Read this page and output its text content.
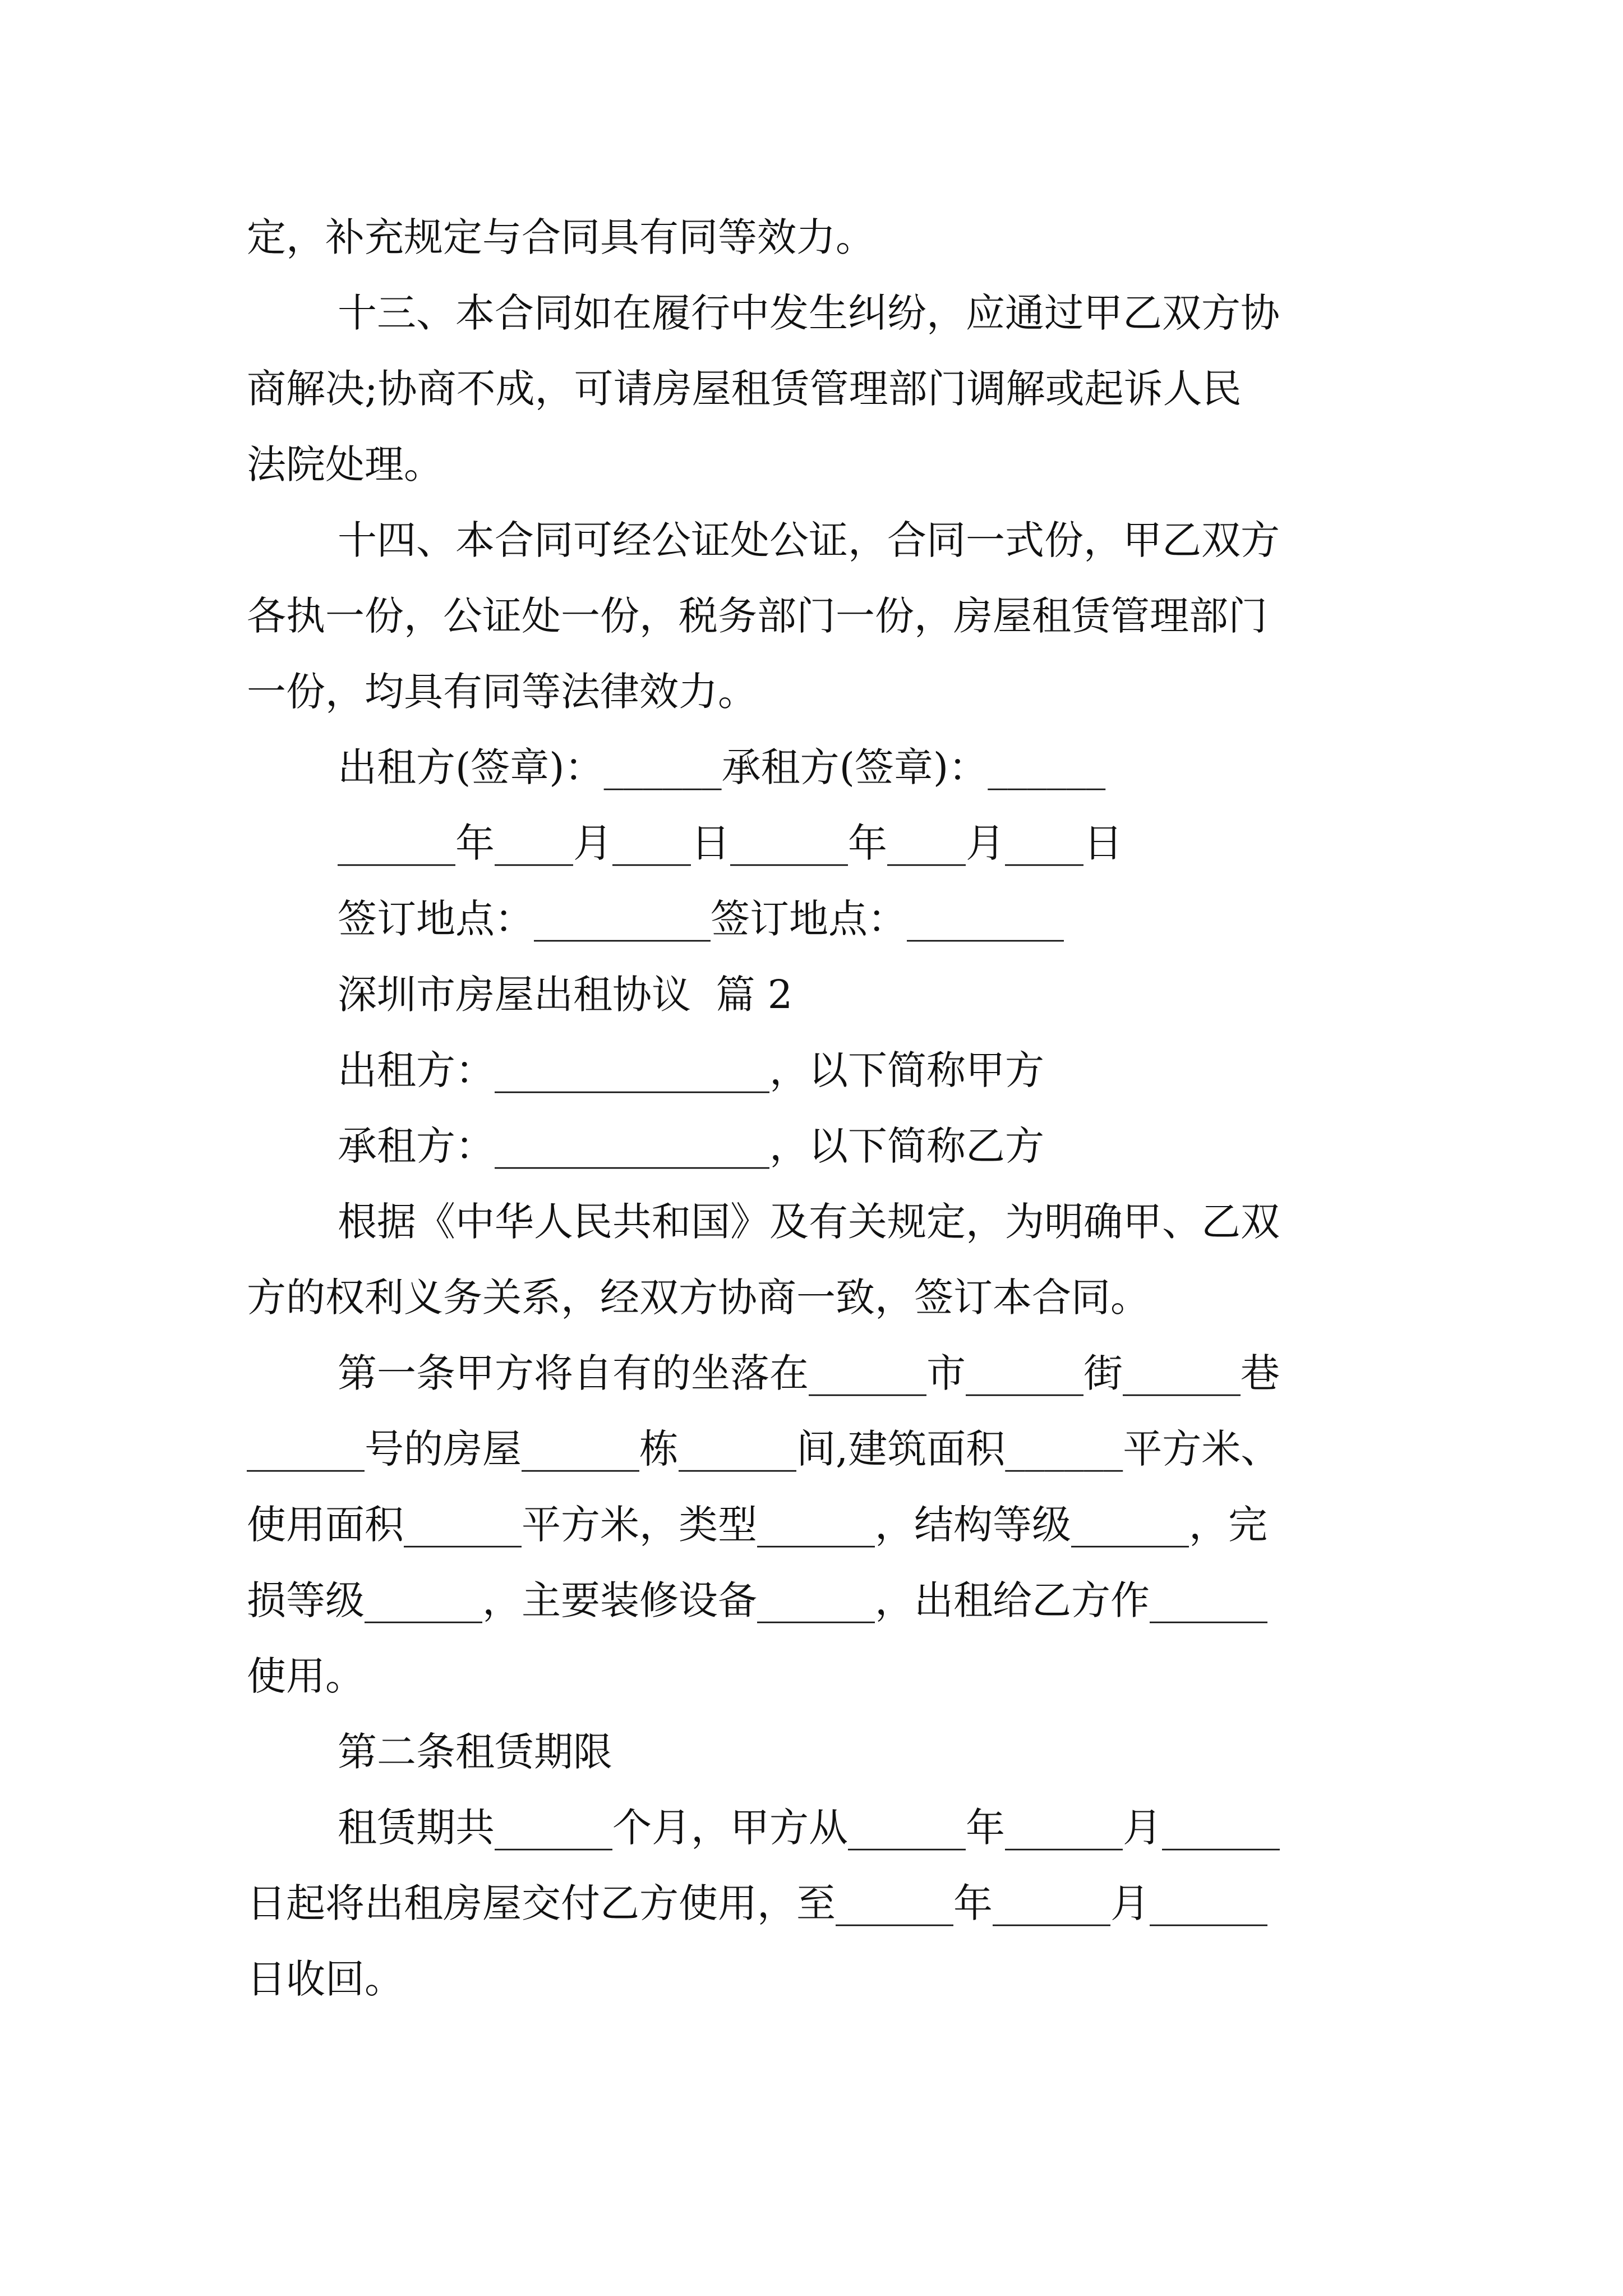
定，补充规定与合同具有同等效力。
十三、本合同如在履行中发生纠纷，应通过甲乙双方协
商解决;协商不成，可请房屋租赁管理部门调解或起诉人民
法院处理。
十四、本合同可经公证处公证，合同一式份，甲乙双方
各执一份，公证处一份，税务部门一份，房屋租赁管理部门
一份，均具有同等法律效力。
出租方(签章)：______承租方(签章)：______
______年____月____日______年____月____日
签订地点：_________签订地点：________
深圳市房屋出租协议  篇 2
出租方：______________，以下简称甲方
承租方：______________，以下简称乙方
根据《中华人民共和国》及有关规定，为明确甲、乙双
方的权利义务关系，经双方协商一致，签订本合同。
第一条甲方将自有的坐落在______市______街______巷
______号的房屋______栋______间,建筑面积______平方米、
使用面积______平方米，类型______，结构等级______，完
损等级______，主要装修设备______，出租给乙方作______
使用。
第二条租赁期限
租赁期共______个月，甲方从______年______月______
日起将出租房屋交付乙方使用，至______年______月______
日收回。
